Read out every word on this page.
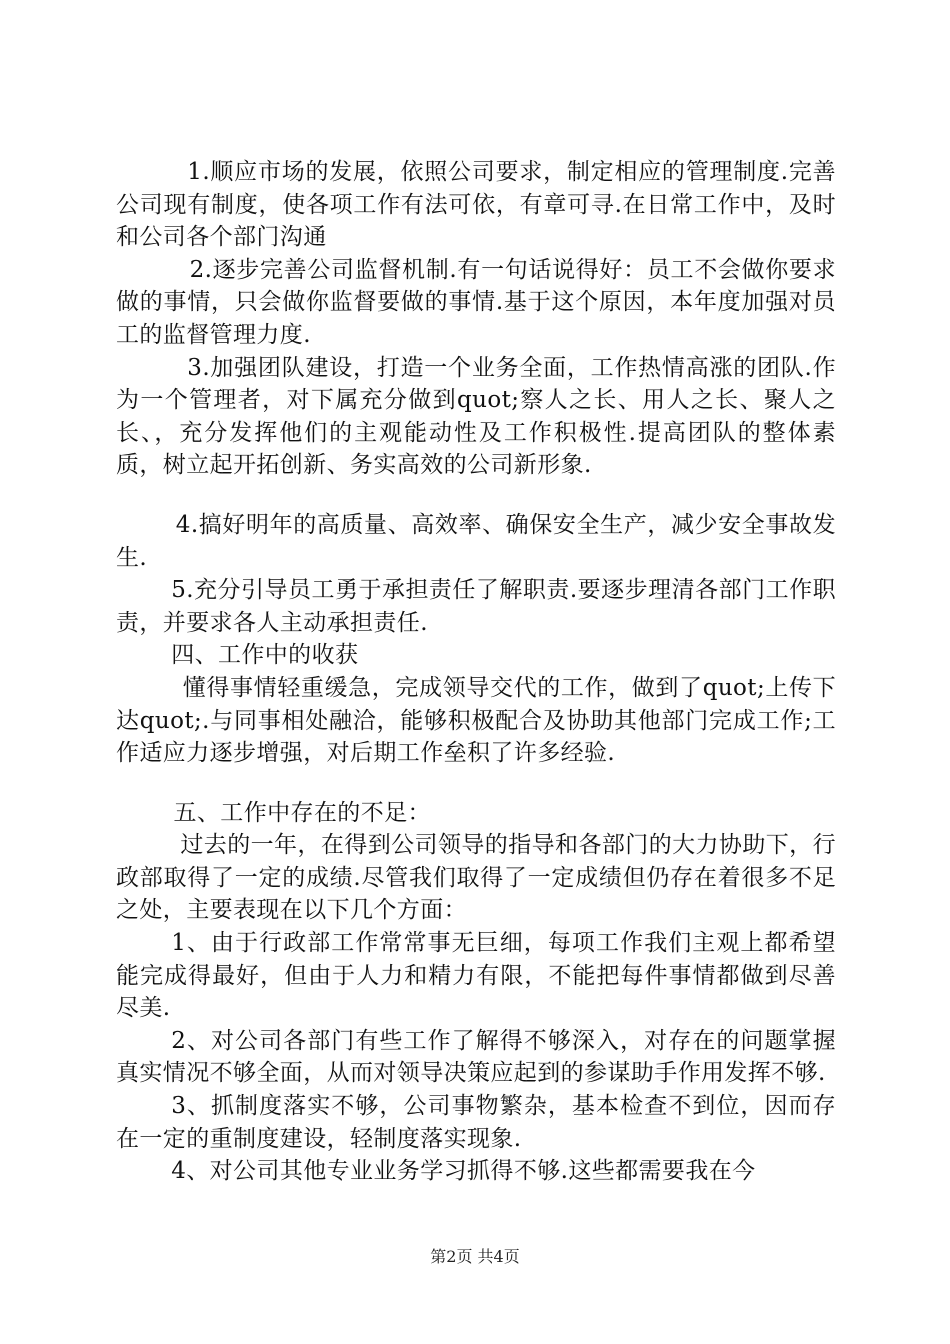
1.顺应市场的发展，依照公司要求，制定相应的管理制度.完善公司现有制度，使各项工作有法可依，有章可寻.在日常工作中，及时和公司各个部门沟通

2.逐步完善公司监督机制.有一句话说得好：员工不会做你要求做的事情，只会做你监督要做的事情.基于这个原因，本年度加强对员工的监督管理力度.

3.加强团队建设，打造一个业务全面，工作热情高涨的团队.作为一个管理者，对下属充分做到quot;察人之长、用人之长、聚人之长、，充分发挥他们的主观能动性及工作积极性.提高团队的整体素质，树立起开拓创新、务实高效的公司新形象.

4.搞好明年的高质量、高效率、确保安全生产，减少安全事故发生.

5.充分引导员工勇于承担责任了解职责.要逐步理清各部门工作职责，并要求各人主动承担责任.

四、工作中的收获

懂得事情轻重缓急，完成领导交代的工作，做到了quot;上传下达quot;.与同事相处融洽，能够积极配合及协助其他部门完成工作;工作适应力逐步增强，对后期工作垒积了许多经验.

五、工作中存在的不足：

过去的一年，在得到公司领导的指导和各部门的大力协助下，行政部取得了一定的成绩.尽管我们取得了一定成绩但仍存在着很多不足之处，主要表现在以下几个方面：

1、由于行政部工作常常事无巨细，每项工作我们主观上都希望能完成得最好，但由于人力和精力有限，不能把每件事情都做到尽善尽美.

2、对公司各部门有些工作了解得不够深入，对存在的问题掌握真实情况不够全面，从而对领导决策应起到的参谋助手作用发挥不够.

3、抓制度落实不够，公司事物繁杂，基本检查不到位，因而存在一定的重制度建设，轻制度落实现象.

4、对公司其他专业业务学习抓得不够.这些都需要我在今

第2页 共4页
